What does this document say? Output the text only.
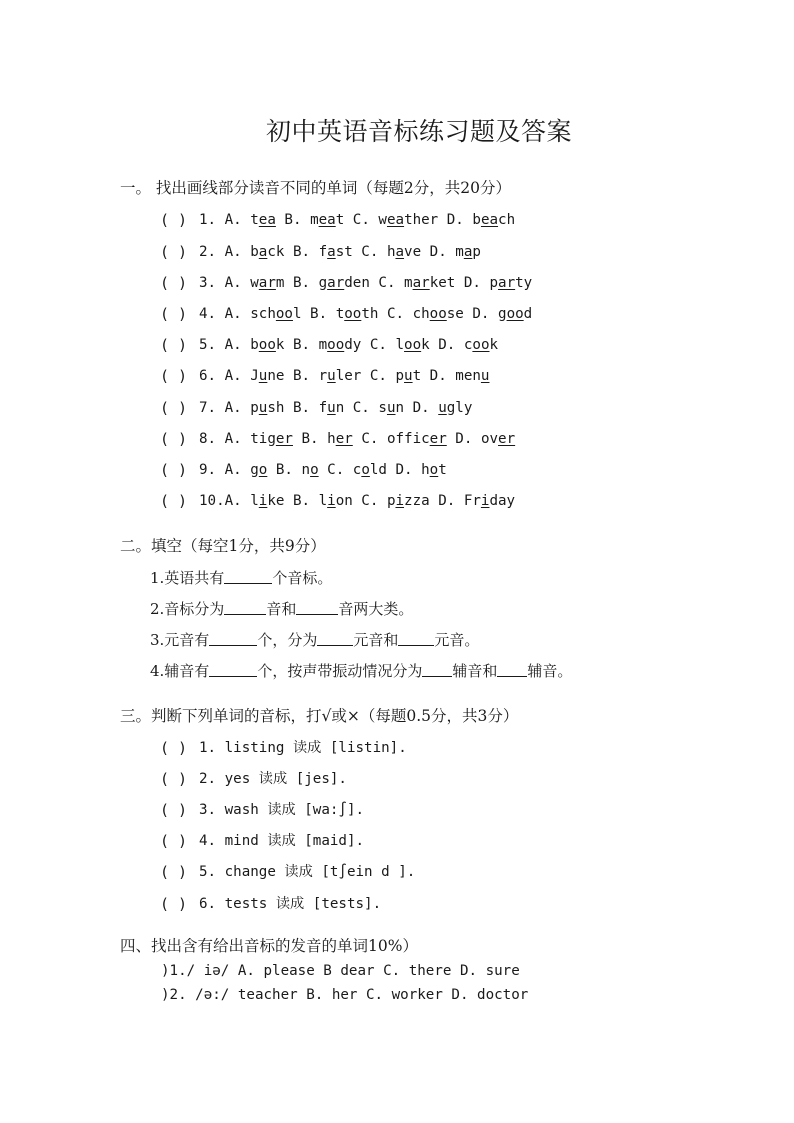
初中英语音标练习题及答案
一。 找出画线部分读音不同的单词（每题2分，共20分）
( ) 1. A. tea B. meat C. weather D. beach
( ) 2. A. back B. fast C. have D. map
( ) 3. A. warm B. garden C. market D. party
( ) 4. A. school B. tooth C. choose D. good
( ) 5. A. book B. moody C. look D. cook
( ) 6. A. June B. ruler C. put D. menu
( ) 7. A. push B. fun C. sun D. ugly
( ) 8. A. tiger B. her C. officer D. over
( ) 9. A. go B. no C. cold D. hot
( ) 10.A. like B. lion C. pizza D. Friday
二。填空（每空1分，共9分）
1.英语共有	个音标。
2.音标分为	音和	音两大类。
3.元音有	个，分为 元音和 元音。
4.辅音有	个，按声带振动情况分为 辅音和 辅音。
三。判断下列单词的音标，打√或×（每题0.5分，共3分）
( ) 1. listing 读成 [listin].
( ) 2. yes 读成 [jes].
( ) 3. wash 读成 [wa:∫].
( ) 4. mind 读成 [maid].
( ) 5. change 读成 [t∫ein d ].
( ) 6. tests 读成 [tests].
四、找出含有给出音标的发音的单词10%）
)1./ iə/ A. please B dear C. there D. sure
)2. /ə:/ teacher B. her C. worker D. doctor
